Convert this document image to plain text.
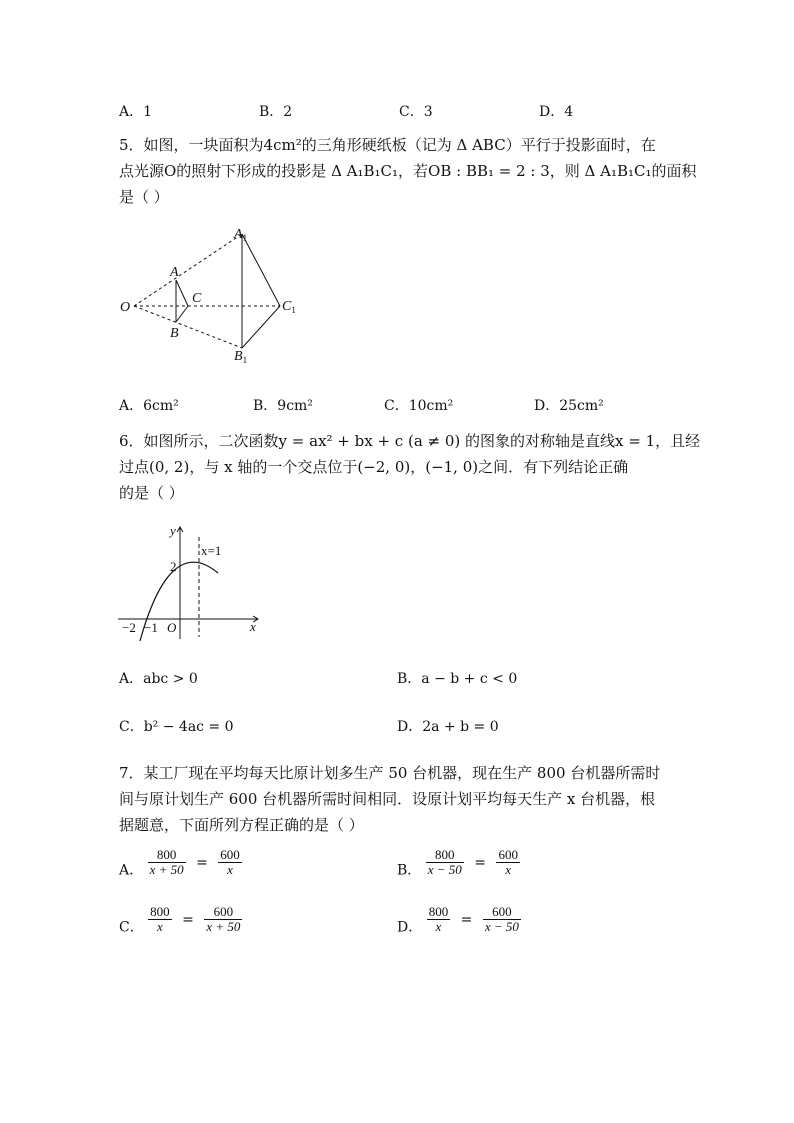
A．1	B．2	C．3	D．4
5．如图，一块面积为4cm²的三角形硬纸板（记为 Δ ABC）平行于投影面时，在
点光源O的照射下形成的投影是 Δ A₁B₁C₁，若OB : BB₁ = 2 : 3，则 Δ A₁B₁C₁的面积
是（ ）
$A_1$
A
C
$C_1$
O
B
$B_1$
A．6cm²	B．9cm²	C．10cm²	D．25cm²
6．如图所示，二次函数y = ax² + bx + c (a ≠ 0) 的图象的对称轴是直线x = 1，且经
过点(0, 2)，与 x 轴的一个交点位于(−2, 0)，(−1, 0)之间．有下列结论正确
的是（ ）
y
x
x=1
2
−2 −1 O
A．abc > 0	B．a − b + c < 0
C．b² − 4ac = 0	D．2a + b = 0
7．某工厂现在平均每天比原计划多生产 50 台机器，现在生产 800 台机器所需时
间与原计划生产 600 台机器所需时间相同．设原计划平均每天生产 x 台机器，根
据题意，下面所列方程正确的是（ ）
A． $\frac{800}{x + 50} = \frac{600}{x}$	B． $\frac{800}{x - 50} = \frac{600}{x}$
C． $\frac{800}{x} = \frac{600}{x + 50}$	D． $\frac{800}{x} = \frac{600}{x - 50}$
